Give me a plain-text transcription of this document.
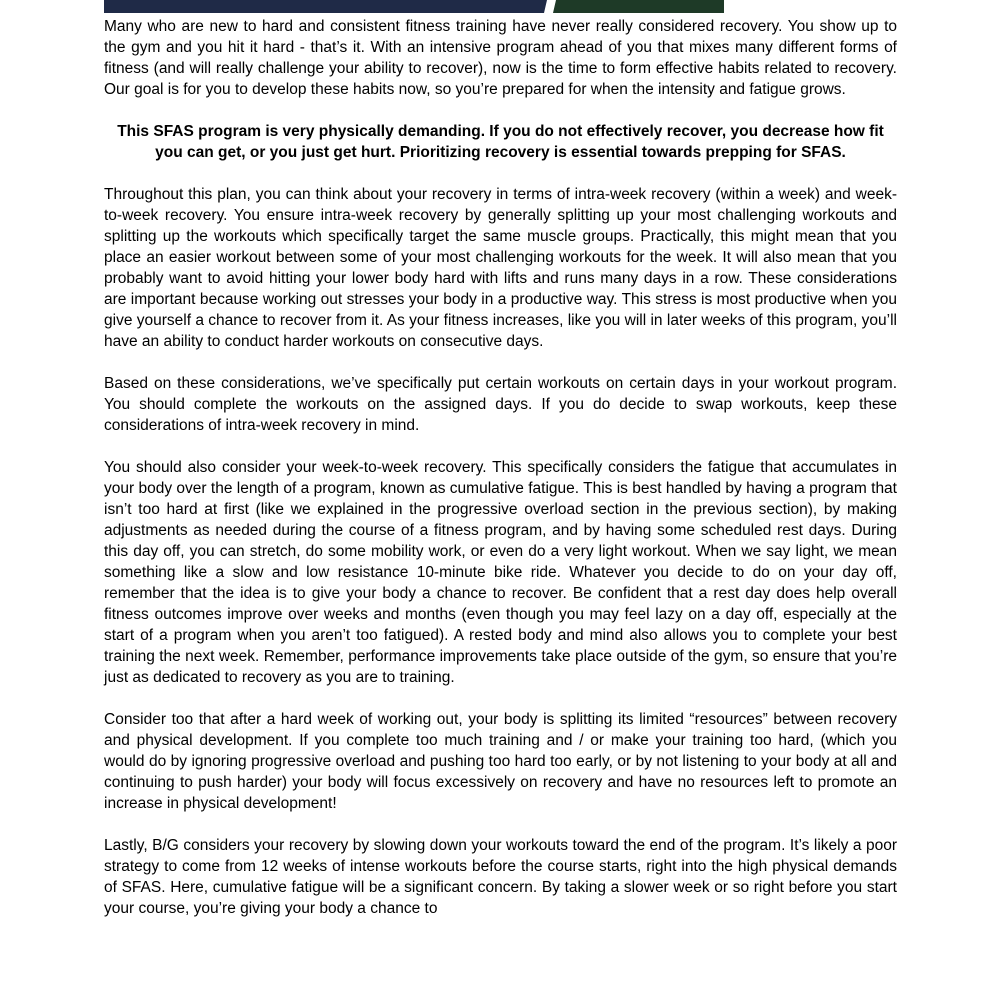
Many who are new to hard and consistent fitness training have never really considered recovery. You show up to the gym and you hit it hard - that’s it. With an intensive program ahead of you that mixes many different forms of fitness (and will really challenge your ability to recover), now is the time to form effective habits related to recovery. Our goal is for you to develop these habits now, so you’re prepared for when the intensity and fatigue grows.

This SFAS program is very physically demanding. If you do not effectively recover, you decrease how fit you can get, or you just get hurt. Prioritizing recovery is essential towards prepping for SFAS.

Throughout this plan, you can think about your recovery in terms of intra-week recovery (within a week) and week-to-week recovery. You ensure intra-week recovery by generally splitting up your most challenging workouts and splitting up the workouts which specifically target the same muscle groups. Practically, this might mean that you place an easier workout between some of your most challenging workouts for the week. It will also mean that you probably want to avoid hitting your lower body hard with lifts and runs many days in a row. These considerations are important because working out stresses your body in a productive way. This stress is most productive when you give yourself a chance to recover from it. As your fitness increases, like you will in later weeks of this program, you’ll have an ability to conduct harder workouts on consecutive days.

Based on these considerations, we’ve specifically put certain workouts on certain days in your workout program. You should complete the workouts on the assigned days. If you do decide to swap workouts, keep these considerations of intra-week recovery in mind.

You should also consider your week-to-week recovery. This specifically considers the fatigue that accumulates in your body over the length of a program, known as cumulative fatigue. This is best handled by having a program that isn’t too hard at first (like we explained in the progressive overload section in the previous section), by making adjustments as needed during the course of a fitness program, and by having some scheduled rest days. During this day off, you can stretch, do some mobility work, or even do a very light workout. When we say light, we mean something like a slow and low resistance 10-minute bike ride. Whatever you decide to do on your day off, remember that the idea is to give your body a chance to recover. Be confident that a rest day does help overall fitness outcomes improve over weeks and months (even though you may feel lazy on a day off, especially at the start of a program when you aren’t too fatigued). A rested body and mind also allows you to complete your best training the next week. Remember, performance improvements take place outside of the gym, so ensure that you’re just as dedicated to recovery as you are to training.

Consider too that after a hard week of working out, your body is splitting its limited “resources” between recovery and physical development. If you complete too much training and / or make your training too hard, (which you would do by ignoring progressive overload and pushing too hard too early, or by not listening to your body at all and continuing to push harder) your body will focus excessively on recovery and have no resources left to promote an increase in physical development!

Lastly, B/G considers your recovery by slowing down your workouts toward the end of the program. It’s likely a poor strategy to come from 12 weeks of intense workouts before the course starts, right into the high physical demands of SFAS. Here, cumulative fatigue will be a significant concern. By taking a slower week or so right before you start your course, you’re giving your body a chance to
